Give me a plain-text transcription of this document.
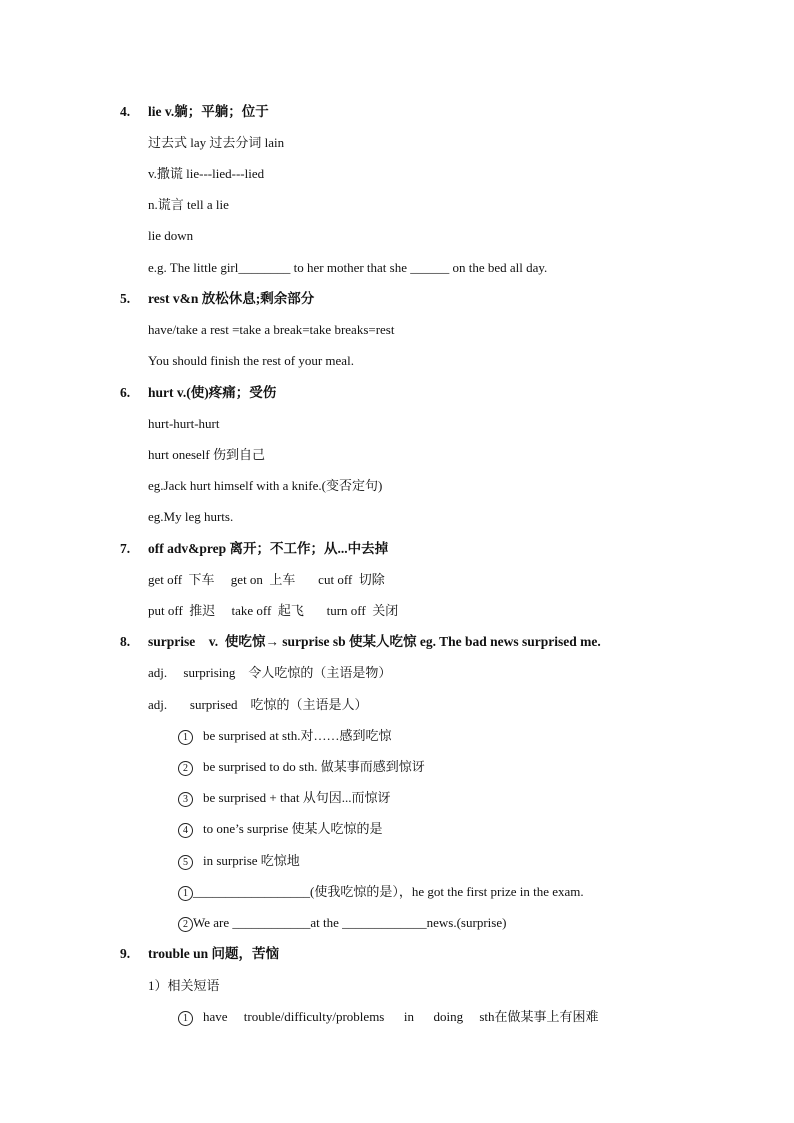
4. lie v.躺；平躺；位于
过去式 lay 过去分词 lain
v.撒谎 lie---lied---lied
n.谎言 tell a lie
lie down
e.g. The little girl________ to her mother that she ______ on the bed all day.
5. rest v&n 放松休息;剩余部分
have/take a rest =take a break=take breaks=rest
You should finish the rest of your meal.
6. hurt v.(使)疼痛；受伤
hurt-hurt-hurt
hurt oneself 伤到自己
eg.Jack hurt himself with a knife.(变否定句)
eg.My leg hurts.
7. off adv&prep 离开；不工作；从...中去掉
get off  下车     get on  上车       cut off  切除
put off  推迟     take off  起飞       turn off  关闭
8. surprise    v.  使吃惊→ surprise sb 使某人吃惊 eg. The bad news surprised me.
adj.     surprising    令人吃惊的（主语是物）
adj.       surprised    吃惊的（主语是人）
1 be surprised at sth.对……感到吃惊
2 be surprised to do sth. 做某事而感到惊讶
3 be surprised + that 从句因...而惊讶
4 to one’s surprise 使某人吃惊的是
5 in surprise 吃惊地
1 __________________(使我吃惊的是），he got the first prize in the exam.
2 We are ____________at the _____________news.(surprise)
9. trouble un 问题，苦恼
1）相关短语
1 have     trouble/difficulty/problems      in      doing     sth在做某事上有困难
